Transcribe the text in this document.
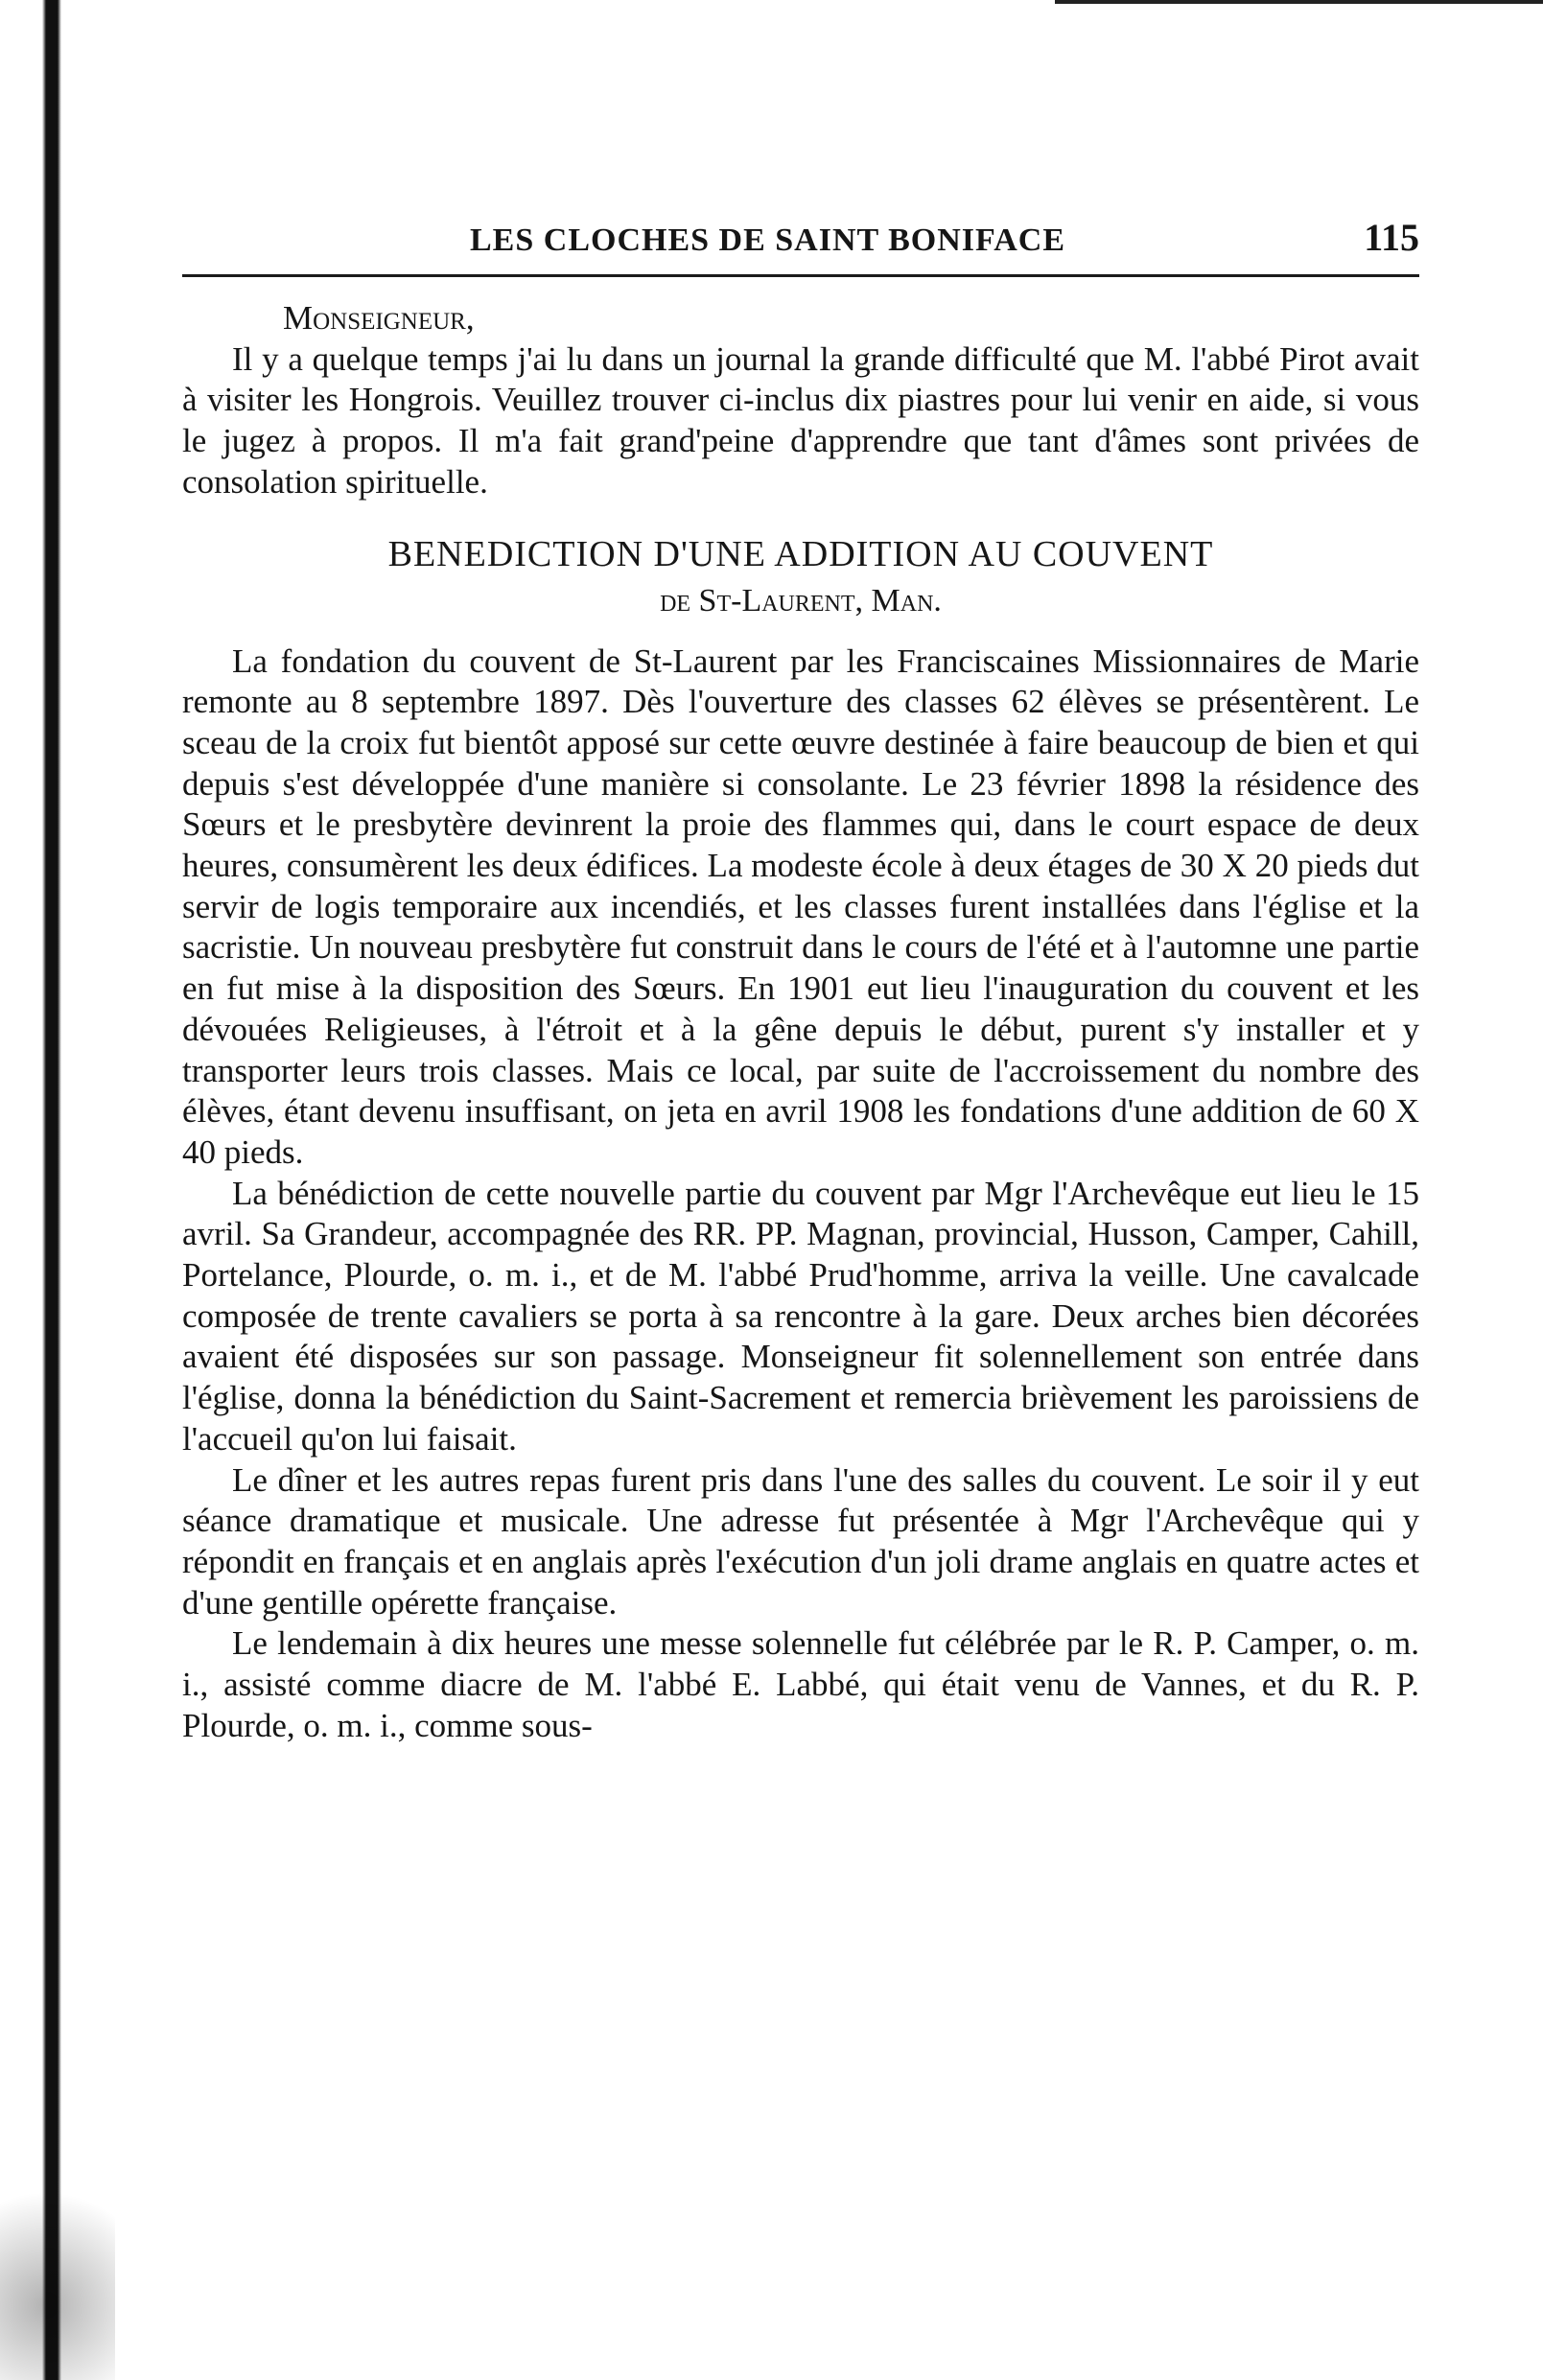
LES CLOCHES DE SAINT BONIFACE	115
Monseigneur,

Il y a quelque temps j'ai lu dans un journal la grande difficulté que M. l'abbé Pirot avait à visiter les Hongrois. Veuillez trouver ci-inclus dix piastres pour lui venir en aide, si vous le jugez à propos. Il m'a fait grand'peine d'apprendre que tant d'âmes sont privées de consolation spirituelle.

BENEDICTION D'UNE ADDITION AU COUVENT
de St-Laurent, Man.

La fondation du couvent de St-Laurent par les Franciscaines Missionnaires de Marie remonte au 8 septembre 1897. Dès l'ouverture des classes 62 élèves se présentèrent. Le sceau de la croix fut bientôt apposé sur cette œuvre destinée à faire beaucoup de bien et qui depuis s'est développée d'une manière si consolante. Le 23 février 1898 la résidence des Sœurs et le presbytère devinrent la proie des flammes qui, dans le court espace de deux heures, consumèrent les deux édifices. La modeste école à deux étages de 30 X 20 pieds dut servir de logis temporaire aux incendiés, et les classes furent installées dans l'église et la sacristie. Un nouveau presbytère fut construit dans le cours de l'été et à l'automne une partie en fut mise à la disposition des Sœurs. En 1901 eut lieu l'inauguration du couvent et les dévouées Religieuses, à l'étroit et à la gêne depuis le début, purent s'y installer et y transporter leurs trois classes. Mais ce local, par suite de l'accroissement du nombre des élèves, étant devenu insuffisant, on jeta en avril 1908 les fondations d'une addition de 60 X 40 pieds.

La bénédiction de cette nouvelle partie du couvent par Mgr l'Archevêque eut lieu le 15 avril. Sa Grandeur, accompagnée des RR. PP. Magnan, provincial, Husson, Camper, Cahill, Portelance, Plourde, o. m. i., et de M. l'abbé Prud'homme, arriva la veille. Une cavalcade composée de trente cavaliers se porta à sa rencontre à la gare. Deux arches bien décorées avaient été disposées sur son passage. Monseigneur fit solennellement son entrée dans l'église, donna la bénédiction du Saint-Sacrement et remercia brièvement les paroissiens de l'accueil qu'on lui faisait.

Le dîner et les autres repas furent pris dans l'une des salles du couvent. Le soir il y eut séance dramatique et musicale. Une adresse fut présentée à Mgr l'Archevêque qui y répondit en français et en anglais après l'exécution d'un joli drame anglais en quatre actes et d'une gentille opérette française.

Le lendemain à dix heures une messe solennelle fut célébrée par le R. P. Camper, o. m. i., assisté comme diacre de M. l'abbé E. Labbé, qui était venu de Vannes, et du R. P. Plourde, o. m. i., comme sous-
